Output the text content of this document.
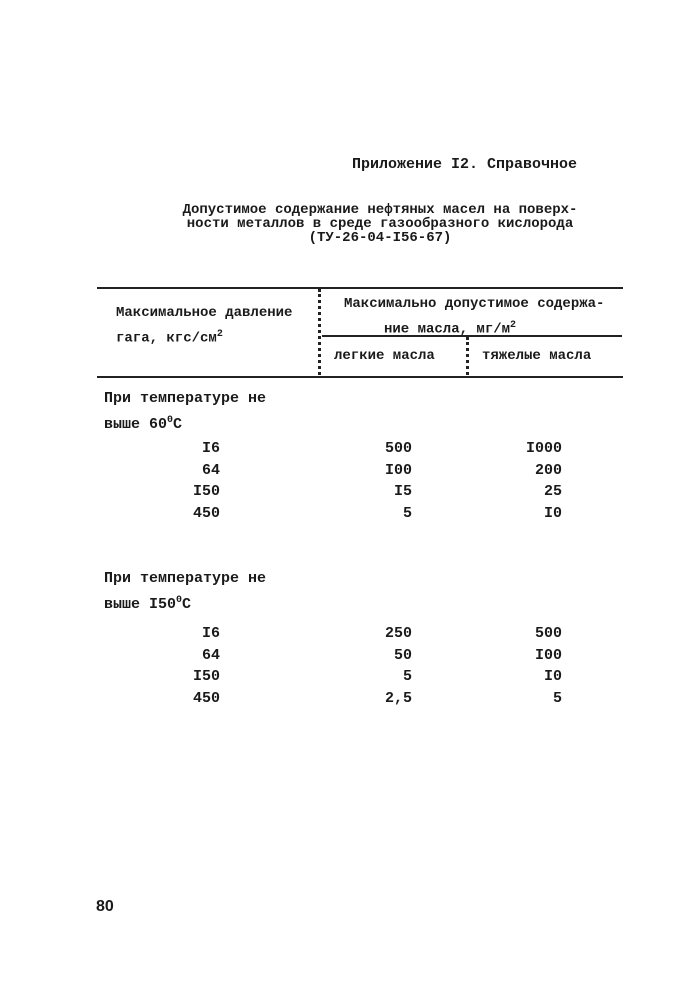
Приложение I2. Справочное
Допустимое содержание нефтяных масел на поверх-
ности металлов в среде газообразного кислорода
(ТУ-26-04-I56-67)
Максимальное давление
гага, кгс/$см^2$
Максимально допустимое содержа-
ние масла, $мг/м^2$
легкие масла	тяжелые масла
При температуре не
выше $60^0С$
I6	500	I000
64	I00	200
I50	I5	25
450	5	I0
При температуре не
выше $I50^0С$
I6	250	500
64	50	I00
I50	5	I0
450	2,5	5
80
